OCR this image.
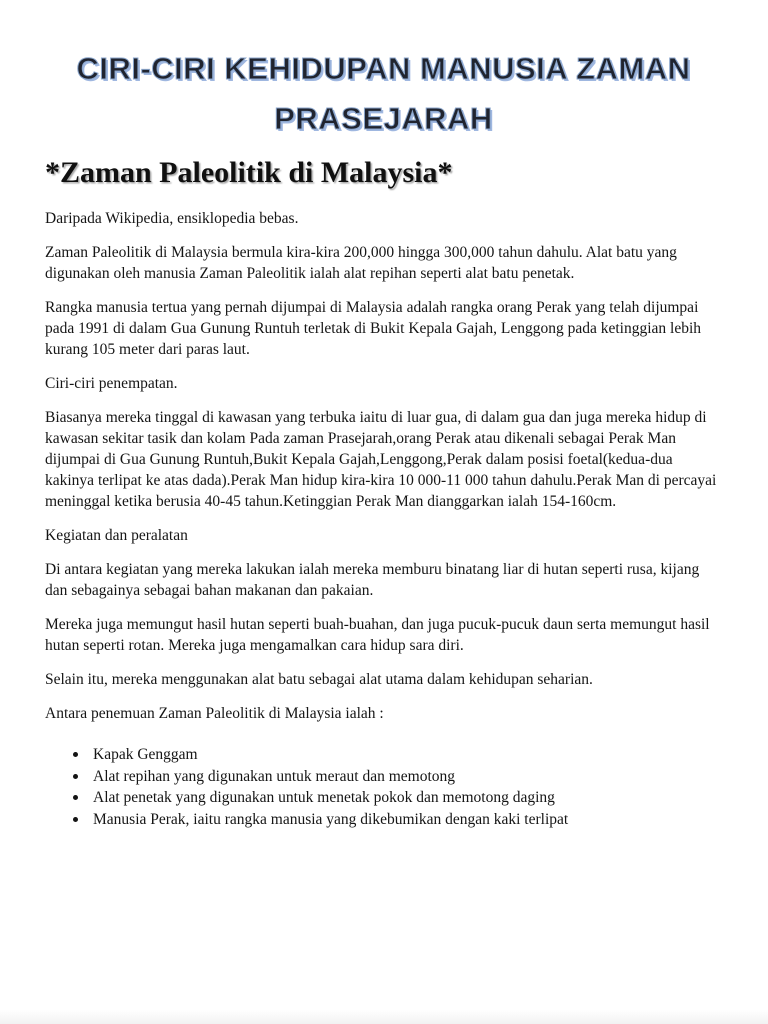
CIRI-CIRI KEHIDUPAN MANUSIA ZAMAN
PRASEJARAH
*Zaman Paleolitik di Malaysia*

Daripada Wikipedia, ensiklopedia bebas.

Zaman Paleolitik di Malaysia bermula kira-kira 200,000 hingga 300,000 tahun dahulu. Alat batu yang digunakan oleh manusia Zaman Paleolitik ialah alat repihan seperti alat batu penetak.

Rangka manusia tertua yang pernah dijumpai di Malaysia adalah rangka orang Perak yang telah dijumpai pada 1991 di dalam Gua Gunung Runtuh terletak di Bukit Kepala Gajah, Lenggong pada ketinggian lebih kurang 105 meter dari paras laut.

Ciri-ciri penempatan.

Biasanya mereka tinggal di kawasan yang terbuka iaitu di luar gua, di dalam gua dan juga mereka hidup di kawasan sekitar tasik dan kolam Pada zaman Prasejarah,orang Perak atau dikenali sebagai Perak Man dijumpai di Gua Gunung Runtuh,Bukit Kepala Gajah,Lenggong,Perak dalam posisi foetal(kedua-dua kakinya terlipat ke atas dada).Perak Man hidup kira-kira 10 000-11 000 tahun dahulu.Perak Man di percayai meninggal ketika berusia 40-45 tahun.Ketinggian Perak Man dianggarkan ialah 154-160cm.

Kegiatan dan peralatan

Di antara kegiatan yang mereka lakukan ialah mereka memburu binatang liar di hutan seperti rusa, kijang dan sebagainya sebagai bahan makanan dan pakaian.

Mereka juga memungut hasil hutan seperti buah-buahan, dan juga pucuk-pucuk daun serta memungut hasil hutan seperti rotan. Mereka juga mengamalkan cara hidup sara diri.

Selain itu, mereka menggunakan alat batu sebagai alat utama dalam kehidupan seharian.

Antara penemuan Zaman Paleolitik di Malaysia ialah :

Kapak Genggam
Alat repihan yang digunakan untuk meraut dan memotong
Alat penetak yang digunakan untuk menetak pokok dan memotong daging
Manusia Perak, iaitu rangka manusia yang dikebumikan dengan kaki terlipat
